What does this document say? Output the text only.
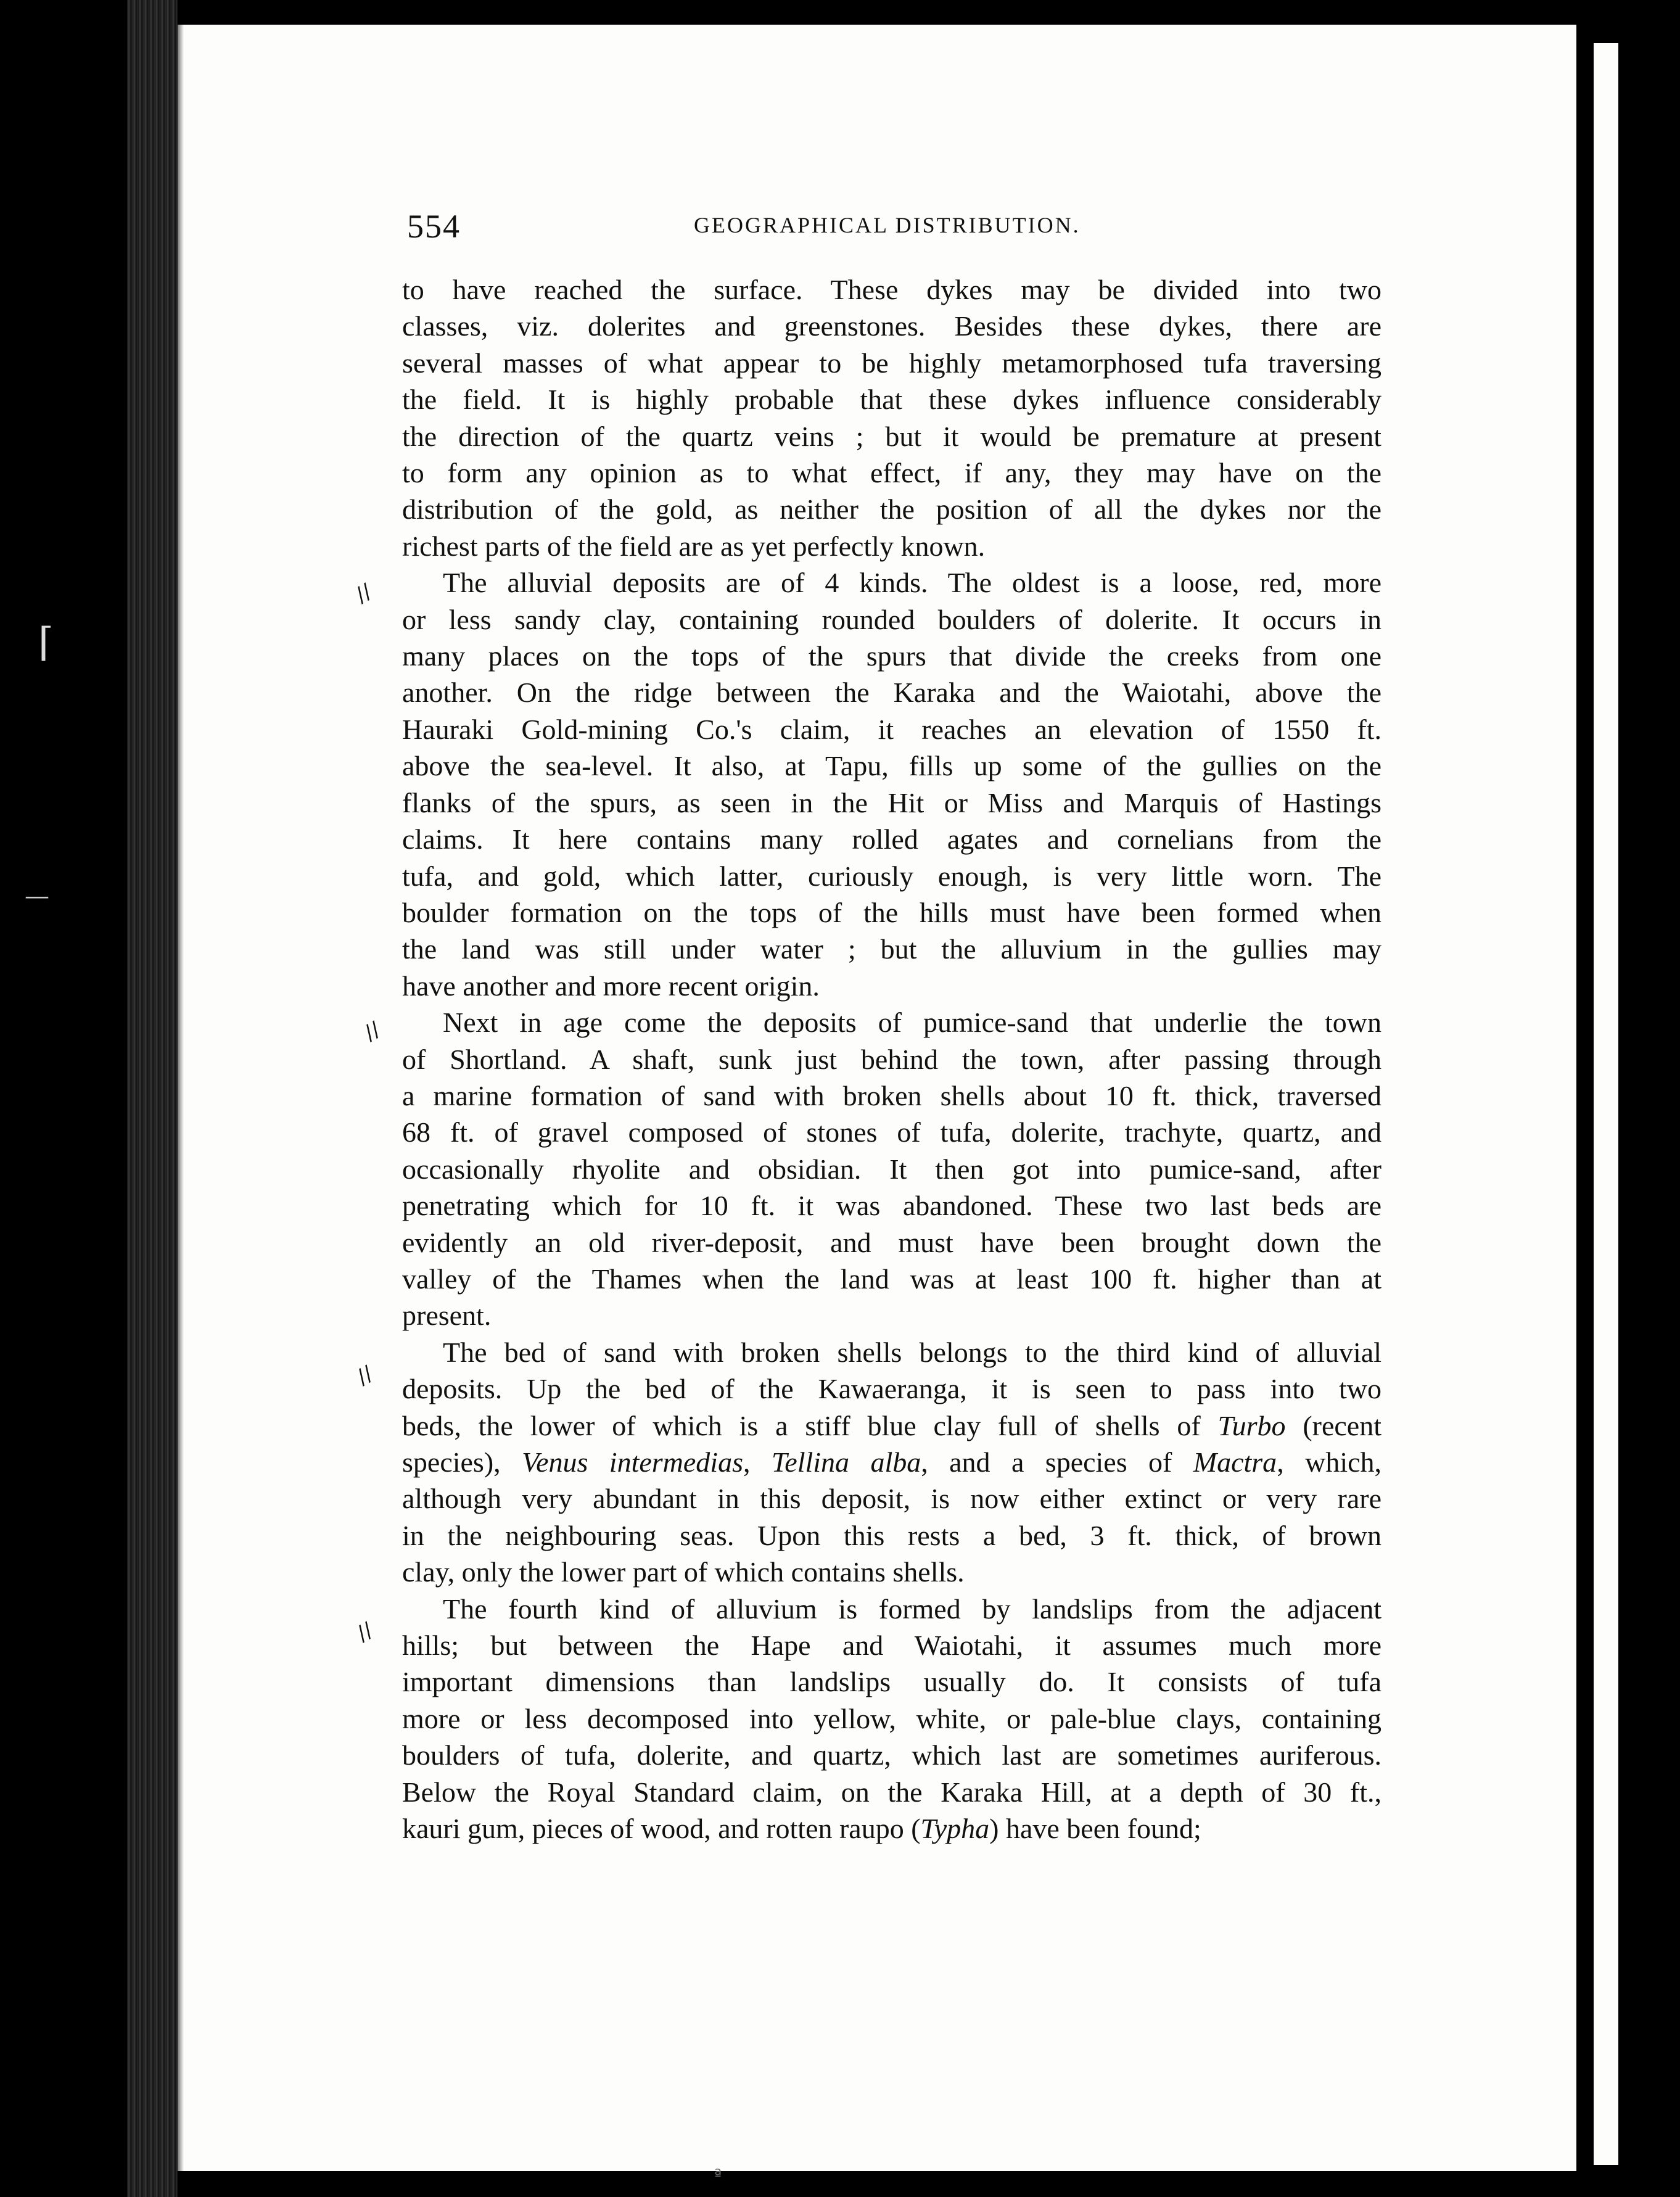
⌈
—
//
//
//
//
554	GEOGRAPHICAL DISTRIBUTION.
to have reached the surface. These dykes may be divided into two
classes, viz. dolerites and greenstones. Besides these dykes, there are
several masses of what appear to be highly metamorphosed tufa traversing
the field. It is highly probable that these dykes influence considerably
the direction of the quartz veins ; but it would be premature at present
to form any opinion as to what effect, if any, they may have on the
distribution of the gold, as neither the position of all the dykes nor the
richest parts of the field are as yet perfectly known.
The alluvial deposits are of 4 kinds. The oldest is a loose, red, more
or less sandy clay, containing rounded boulders of dolerite. It occurs in
many places on the tops of the spurs that divide the creeks from one
another. On the ridge between the Karaka and the Waiotahi, above the
Hauraki Gold-mining Co.'s claim, it reaches an elevation of 1550 ft.
above the sea-level. It also, at Tapu, fills up some of the gullies on the
flanks of the spurs, as seen in the Hit or Miss and Marquis of Hastings
claims. It here contains many rolled agates and cornelians from the
tufa, and gold, which latter, curiously enough, is very little worn. The
boulder formation on the tops of the hills must have been formed when
the land was still under water ; but the alluvium in the gullies may
have another and more recent origin.
Next in age come the deposits of pumice-sand that underlie the town
of Shortland. A shaft, sunk just behind the town, after passing through
a marine formation of sand with broken shells about 10 ft. thick, traversed
68 ft. of gravel composed of stones of tufa, dolerite, trachyte, quartz, and
occasionally rhyolite and obsidian. It then got into pumice-sand, after
penetrating which for 10 ft. it was abandoned. These two last beds are
evidently an old river-deposit, and must have been brought down the
valley of the Thames when the land was at least 100 ft. higher than at
present.
The bed of sand with broken shells belongs to the third kind of alluvial
deposits. Up the bed of the Kawaeranga, it is seen to pass into two
beds, the lower of which is a stiff blue clay full of shells of Turbo (recent
species), Venus intermedias, Tellina alba, and a species of Mactra, which,
although very abundant in this deposit, is now either extinct or very rare
in the neighbouring seas. Upon this rests a bed, 3 ft. thick, of brown
clay, only the lower part of which contains shells.
The fourth kind of alluvium is formed by landslips from the adjacent
hills; but between the Hape and Waiotahi, it assumes much more
important dimensions than landslips usually do. It consists of tufa
more or less decomposed into yellow, white, or pale-blue clays, containing
boulders of tufa, dolerite, and quartz, which last are sometimes auriferous.
Below the Royal Standard claim, on the Karaka Hill, at a depth of 30 ft.,
kauri gum, pieces of wood, and rotten raupo (Typha) have been found;
ª
